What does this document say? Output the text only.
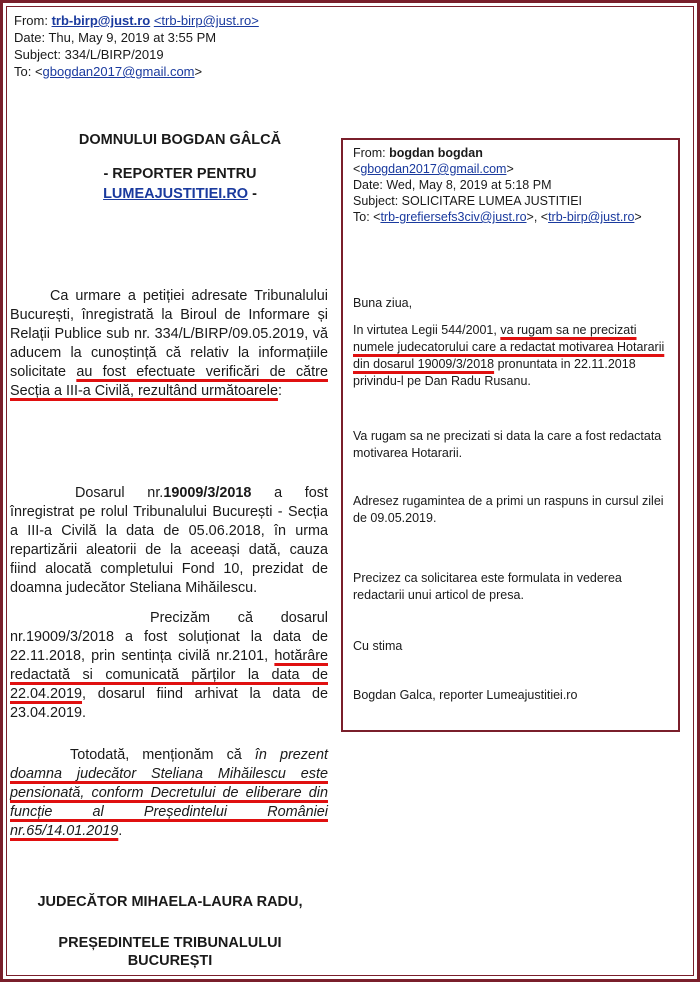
From: trb-birp@just.ro <trb-birp@just.ro>
Date: Thu, May 9, 2019 at 3:55 PM
Subject: 334/L/BIRP/2019
To: <gbogdan2017@gmail.com>
DOMNULUI BOGDAN GÂLCĂ
- REPORTER PENTRU
LUMEAJUSTITIEI.RO -
Ca urmare a petiției adresate Tribunalului București, înregistrată la Biroul de Informare și Relații Publice sub nr. 334/L/BIRP/09.05.2019, vă aducem la cunoștință că relativ la informațiile solicitate au fost efectuate verificări de către Secția a III-a Civilă, rezultând următoarele:
Dosarul nr.19009/3/2018 a fost înregistrat pe rolul Tribunalului București - Secția a III-a Civilă la data de 05.06.2018, în urma repartizării aleatorii de la aceeași dată, cauza fiind alocată completului Fond 10, prezidat de doamna judecător Steliana Mihăilescu.
Precizăm că dosarul nr.19009/3/2018 a fost soluționat la data de 22.11.2018, prin sentința civilă nr.2101, hotărâre redactată si comunicată părților la data de 22.04.2019, dosarul fiind arhivat la data de 23.04.2019.
Totodată, menționăm că în prezent doamna judecător Steliana Mihăilescu este pensionată, conform Decretului de eliberare din funcție al Președintelui României nr.65/14.01.2019.
JUDECĂTOR MIHAELA-LAURA RADU,
PREȘEDINTELE TRIBUNALULUI
BUCUREȘTI
From: bogdan bogdan
<gbogdan2017@gmail.com>
Date: Wed, May 8, 2019 at 5:18 PM
Subject: SOLICITARE LUMEA JUSTITIEI
To: <trb-grefiersefs3civ@just.ro>, <trb-birp@just.ro>
Buna ziua,
In virtutea Legii 544/2001, va rugam sa ne precizati numele judecatorului care a redactat motivarea Hotararii din dosarul 19009/3/2018 pronuntata in 22.11.2018 privindu-l pe Dan Radu Rusanu.
Va rugam sa ne precizati si data la care a fost redactata motivarea Hotararii.
Adresez rugamintea de a primi un raspuns in cursul zilei de 09.05.2019.
Precizez ca solicitarea este formulata in vederea redactarii unui articol de presa.
Cu stima
Bogdan Galca, reporter Lumeajustitiei.ro
